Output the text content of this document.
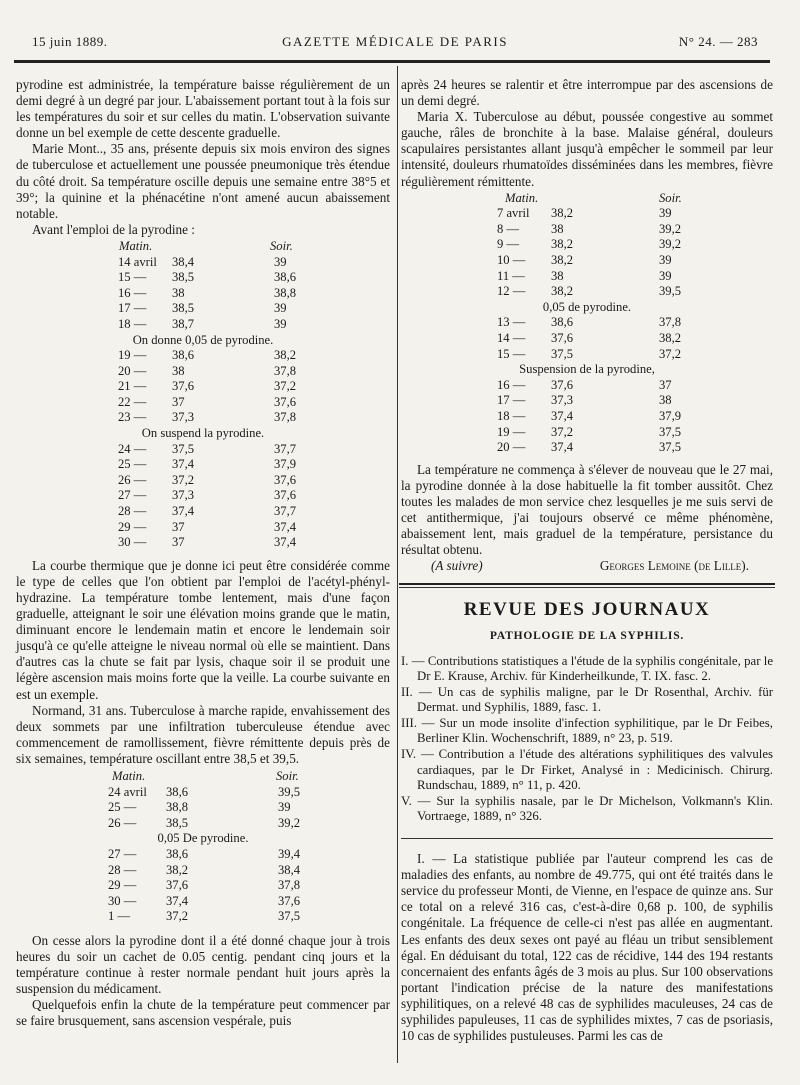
15 juin 1889.	GAZETTE MÉDICALE DE PARIS	N° 24. — 283

pyrodine est administrée, la température baisse régulièrement de un demi degré à un degré par jour. L'abaissement portant tout à la fois sur les températures du soir et sur celles du matin. L'observation suivante donne un bel exemple de cette descente graduelle.

Marie Mont.., 35 ans, présente depuis six mois environ des signes de tuberculose et actuellement une poussée pneumonique très étendue du côté droit. Sa température oscille depuis une semaine entre 38°5 et 39°; la quinine et la phénacétine n'ont amené aucun abaissement notable.

Avant l'emploi de la pyrodine :

Matin.	Soir.
14 avril 38,4	39
15 — 38,5	38,6
16 — 38	38,8
17 — 38,5	39
18 — 38,7	39
On donne 0,05 de pyrodine.
19 — 38,6	38,2
20 — 38	37,8
21 — 37,6	37,2
22 — 37	37,6
23 — 37,3	37,8
On suspend la pyrodine.
24 — 37,5	37,7
25 — 37,4	37,9
26 — 37,2	37,6
27 — 37,3	37,6
28 — 37,4	37,7
29 — 37	37,4
30 — 37	37,4

La courbe thermique que je donne ici peut être considérée comme le type de celles que l'on obtient par l'emploi de l'acétyl-phényl-hydrazine. La température tombe lentement, mais d'une façon graduelle, atteignant le soir une élévation moins grande que le matin, diminuant encore le lendemain matin et encore le lendemain soir jusqu'à ce qu'elle atteigne le niveau normal où elle se maintient. Dans d'autres cas la chute se fait par lysis, chaque soir il se produit une légère ascension mais moins forte que la veille. La courbe suivante en est un exemple.

Normand, 31 ans. Tuberculose à marche rapide, envahissement des deux sommets par une infiltration tuberculeuse étendue avec commencement de ramollissement, fièvre rémittente depuis près de six semaines, température oscillant entre 38,5 et 39,5.

Matin.	Soir.
24 avril 38,6	39,5
25 — 38,8	39
26 — 38,5	39,2
0,05 De pyrodine.
27 — 38,6	39,4
28 — 38,2	38,4
29 — 37,6	37,8
30 — 37,4	37,6
1 —	37,2	37,5

On cesse alors la pyrodine dont il a été donné chaque jour à trois heures du soir un cachet de 0.05 centig. pendant cinq jours et la température continue à rester normale pendant huit jours après la suspension du médicament.

Quelquefois enfin la chute de la température peut commencer par se faire brusquement, sans ascension vespérale, puis

après 24 heures se ralentir et être interrompue par des ascensions de un demi degré.

Maria X. Tuberculose au début, poussée congestive au sommet gauche, râles de bronchite à la base. Malaise général, douleurs scapulaires persistantes allant jusqu'à empêcher le sommeil par leur intensité, douleurs rhumatoïdes disséminées dans les membres, fièvre régulièrement rémittente.

Matin.	Soir.
7 avril 38,2	39
8 —	38	39,2
9 —	38,2	39,2
10 — 38,2	39
11 — 38	39
12 — 38,2	39,5
0,05 de pyrodine.
13 — 38,6	37,8
14 — 37,6	38,2
15 — 37,5	37,2
Suspension de la pyrodine,
16 — 37,6	37
17 — 37,3	38
18 — 37,4	37,9
19 — 37,2	37,5
20 — 37,4	37,5

La température ne commença à s'élever de nouveau que le 27 mai, la pyrodine donnée à la dose habituelle la fit tomber aussitôt. Chez toutes les malades de mon service chez lesquelles je me suis servi de cet antithermique, j'ai toujours observé ce même phénomène, abaissement lent, mais graduel de la température, persistance du résultat obtenu.

(A suivre)	Georges Lemoine (de Lille).
REVUE DES JOURNAUX
PATHOLOGIE DE LA SYPHILIS.

I. — Contributions statistiques a l'étude de la syphilis congénitale, par le Dr E. Krause, Archiv. für Kinderheilkunde, T. IX. fasc. 2.

II. — Un cas de syphilis maligne, par le Dr Rosenthal, Archiv. für Dermat. und Syphilis, 1889, fasc. 1.

III. — Sur un mode insolite d'infection syphilitique, par le Dr Feibes, Berliner Klin. Wochenschrift, 1889, n° 23, p. 519.

IV. — Contribution a l'étude des altérations syphilitiques des valvules cardiaques, par le Dr Firket, Analysé in : Medicinisch. Chirurg. Rundschau, 1889, n° 11, p. 420.

V. — Sur la syphilis nasale, par le Dr Michelson, Volkmann's Klin. Vortraege, 1889, n° 326.

I. — La statistique publiée par l'auteur comprend les cas de maladies des enfants, au nombre de 49.775, qui ont été traités dans le service du professeur Monti, de Vienne, en l'espace de quinze ans. Sur ce total on a relevé 316 cas, c'est-à-dire 0,68 p. 100, de syphilis congénitale. La fréquence de celle-ci n'est pas allée en augmentant. Les enfants des deux sexes ont payé au fléau un tribut sensiblement égal. En déduisant du total, 122 cas de récidive, 144 des 194 restants concernaient des enfants âgés de 3 mois au plus. Sur 100 observations portant l'indication précise de la nature des manifestations syphilitiques, on a relevé 48 cas de syphilides maculeuses, 24 cas de syphilides papuleuses, 11 cas de syphilides mixtes, 7 cas de psoriasis, 10 cas de syphilides pustuleuses. Parmi les cas de
